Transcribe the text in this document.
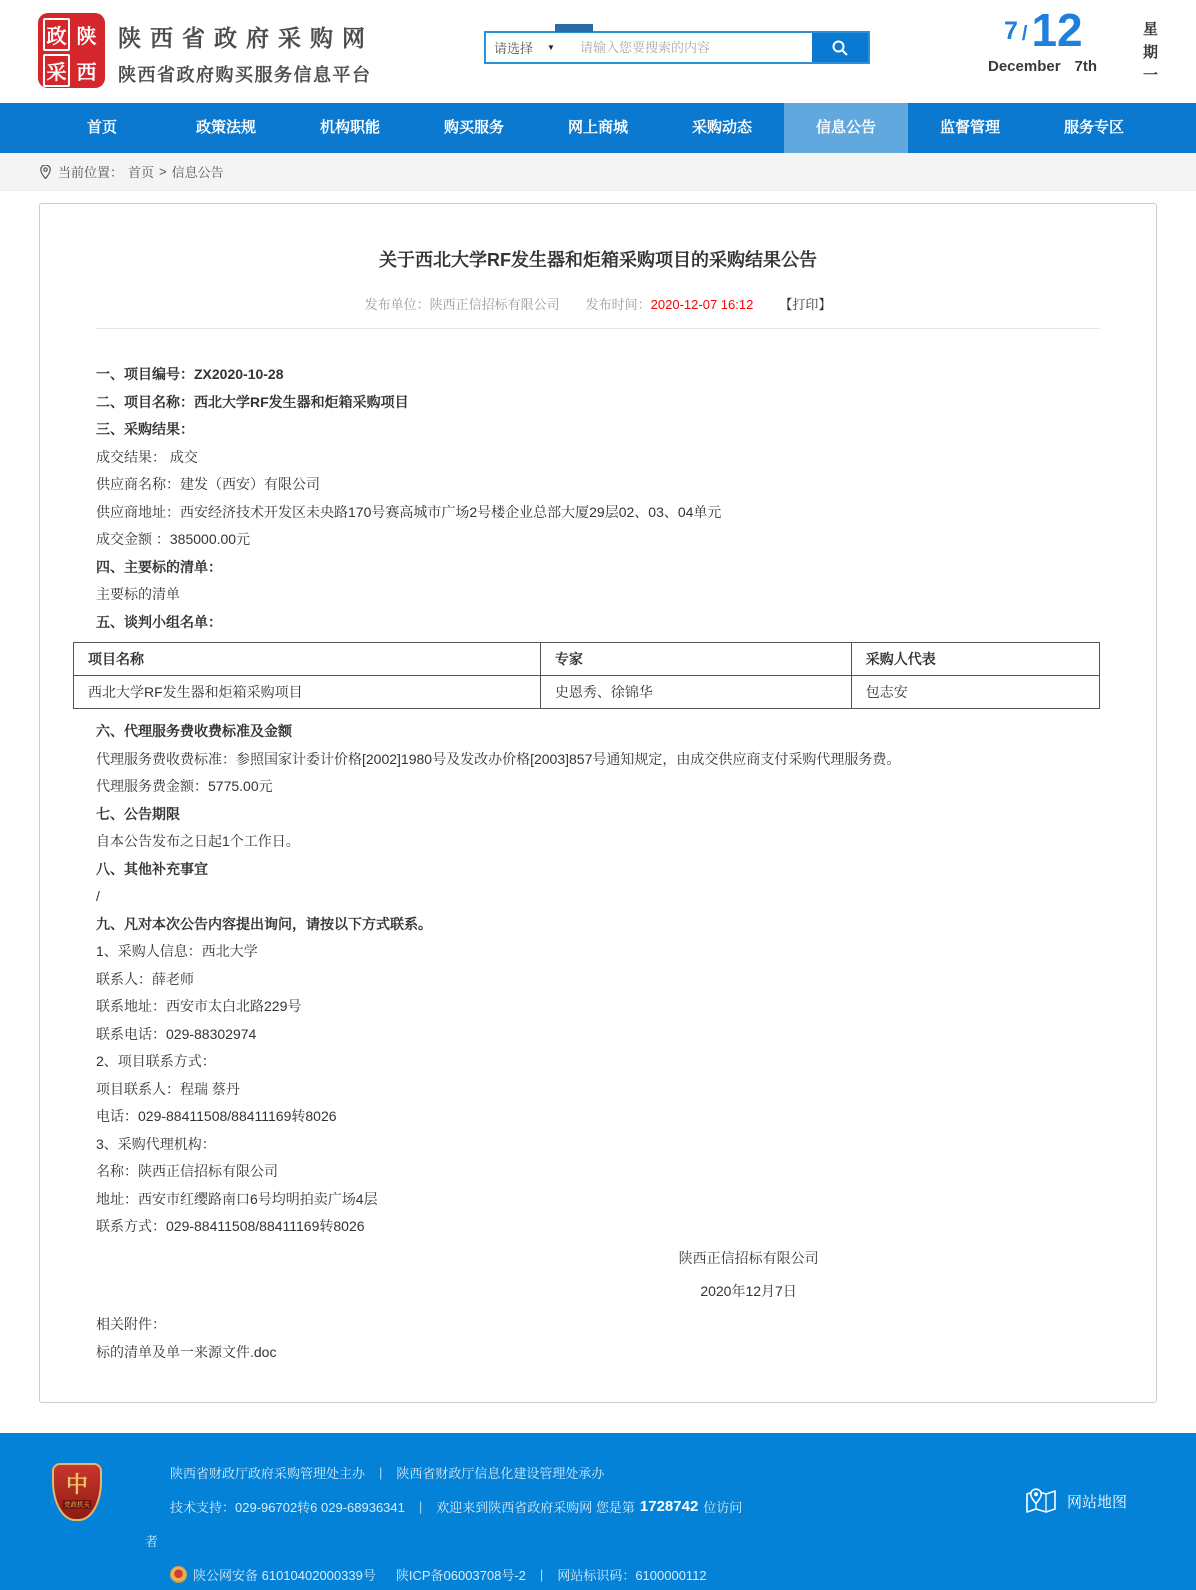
政 陕
采 西
陕西省政府采购网
陕西省政府购买服务信息平台
请选择 ▼
请输入您要搜索的内容
7 / 12
December 7th
星
期
一
首页	政策法规	机构职能	购买服务	网上商城	采购动态	信息公告	监督管理	服务专区
当前位置： 首页 > 信息公告
关于西北大学RF发生器和炬箱采购项目的采购结果公告
发布单位：陕西正信招标有限公司 发布时间：2020-12-07 16:12 【打印】

一、项目编号：ZX2020-10-28

二、项目名称：西北大学RF发生器和炬箱采购项目

三、采购结果：

成交结果： 成交

供应商名称：建发（西安）有限公司

供应商地址：西安经济技术开发区未央路170号赛高城市广场2号楼企业总部大厦29层02、03、04单元

成交金额 ：385000.00元

四、主要标的清单：

主要标的清单

五、谈判小组名单：

项目名称	专家	采购人代表
西北大学RF发生器和炬箱采购项目	史恩秀、徐锦华	包志安

六、代理服务费收费标准及金额

代理服务费收费标准：参照国家计委计价格[2002]1980号及发改办价格[2003]857号通知规定，由成交供应商支付采购代理服务费。

代理服务费金额：5775.00元

七、公告期限

自本公告发布之日起1个工作日。

八、其他补充事宜

/

九、凡对本次公告内容提出询问，请按以下方式联系。

1、采购人信息：西北大学

联系人：薛老师

联系地址：西安市太白北路229号

联系电话：029-88302974

2、项目联系方式：

项目联系人：程瑞 蔡丹

电话：029-88411508/88411169转8026

3、采购代理机构：

名称：陕西正信招标有限公司

地址：西安市红缨路南口6号均明拍卖广场4层

联系方式：029-88411508/88411169转8026

陕西正信招标有限公司
2020年12月7日

相关附件：

标的清单及单一来源文件.doc

中
党政机关
陕西省财政厅政府采购管理处主办 | 陕西省财政厅信息化建设管理处承办
技术支持：029-96702转6 029-68936341 | 欢迎来到陕西省政府采购网 您是第 1728742 位访问
者
陕公网安备 61010402000339号 陕ICP备06003708号-2 | 网站标识码：6100000112
网站地图
